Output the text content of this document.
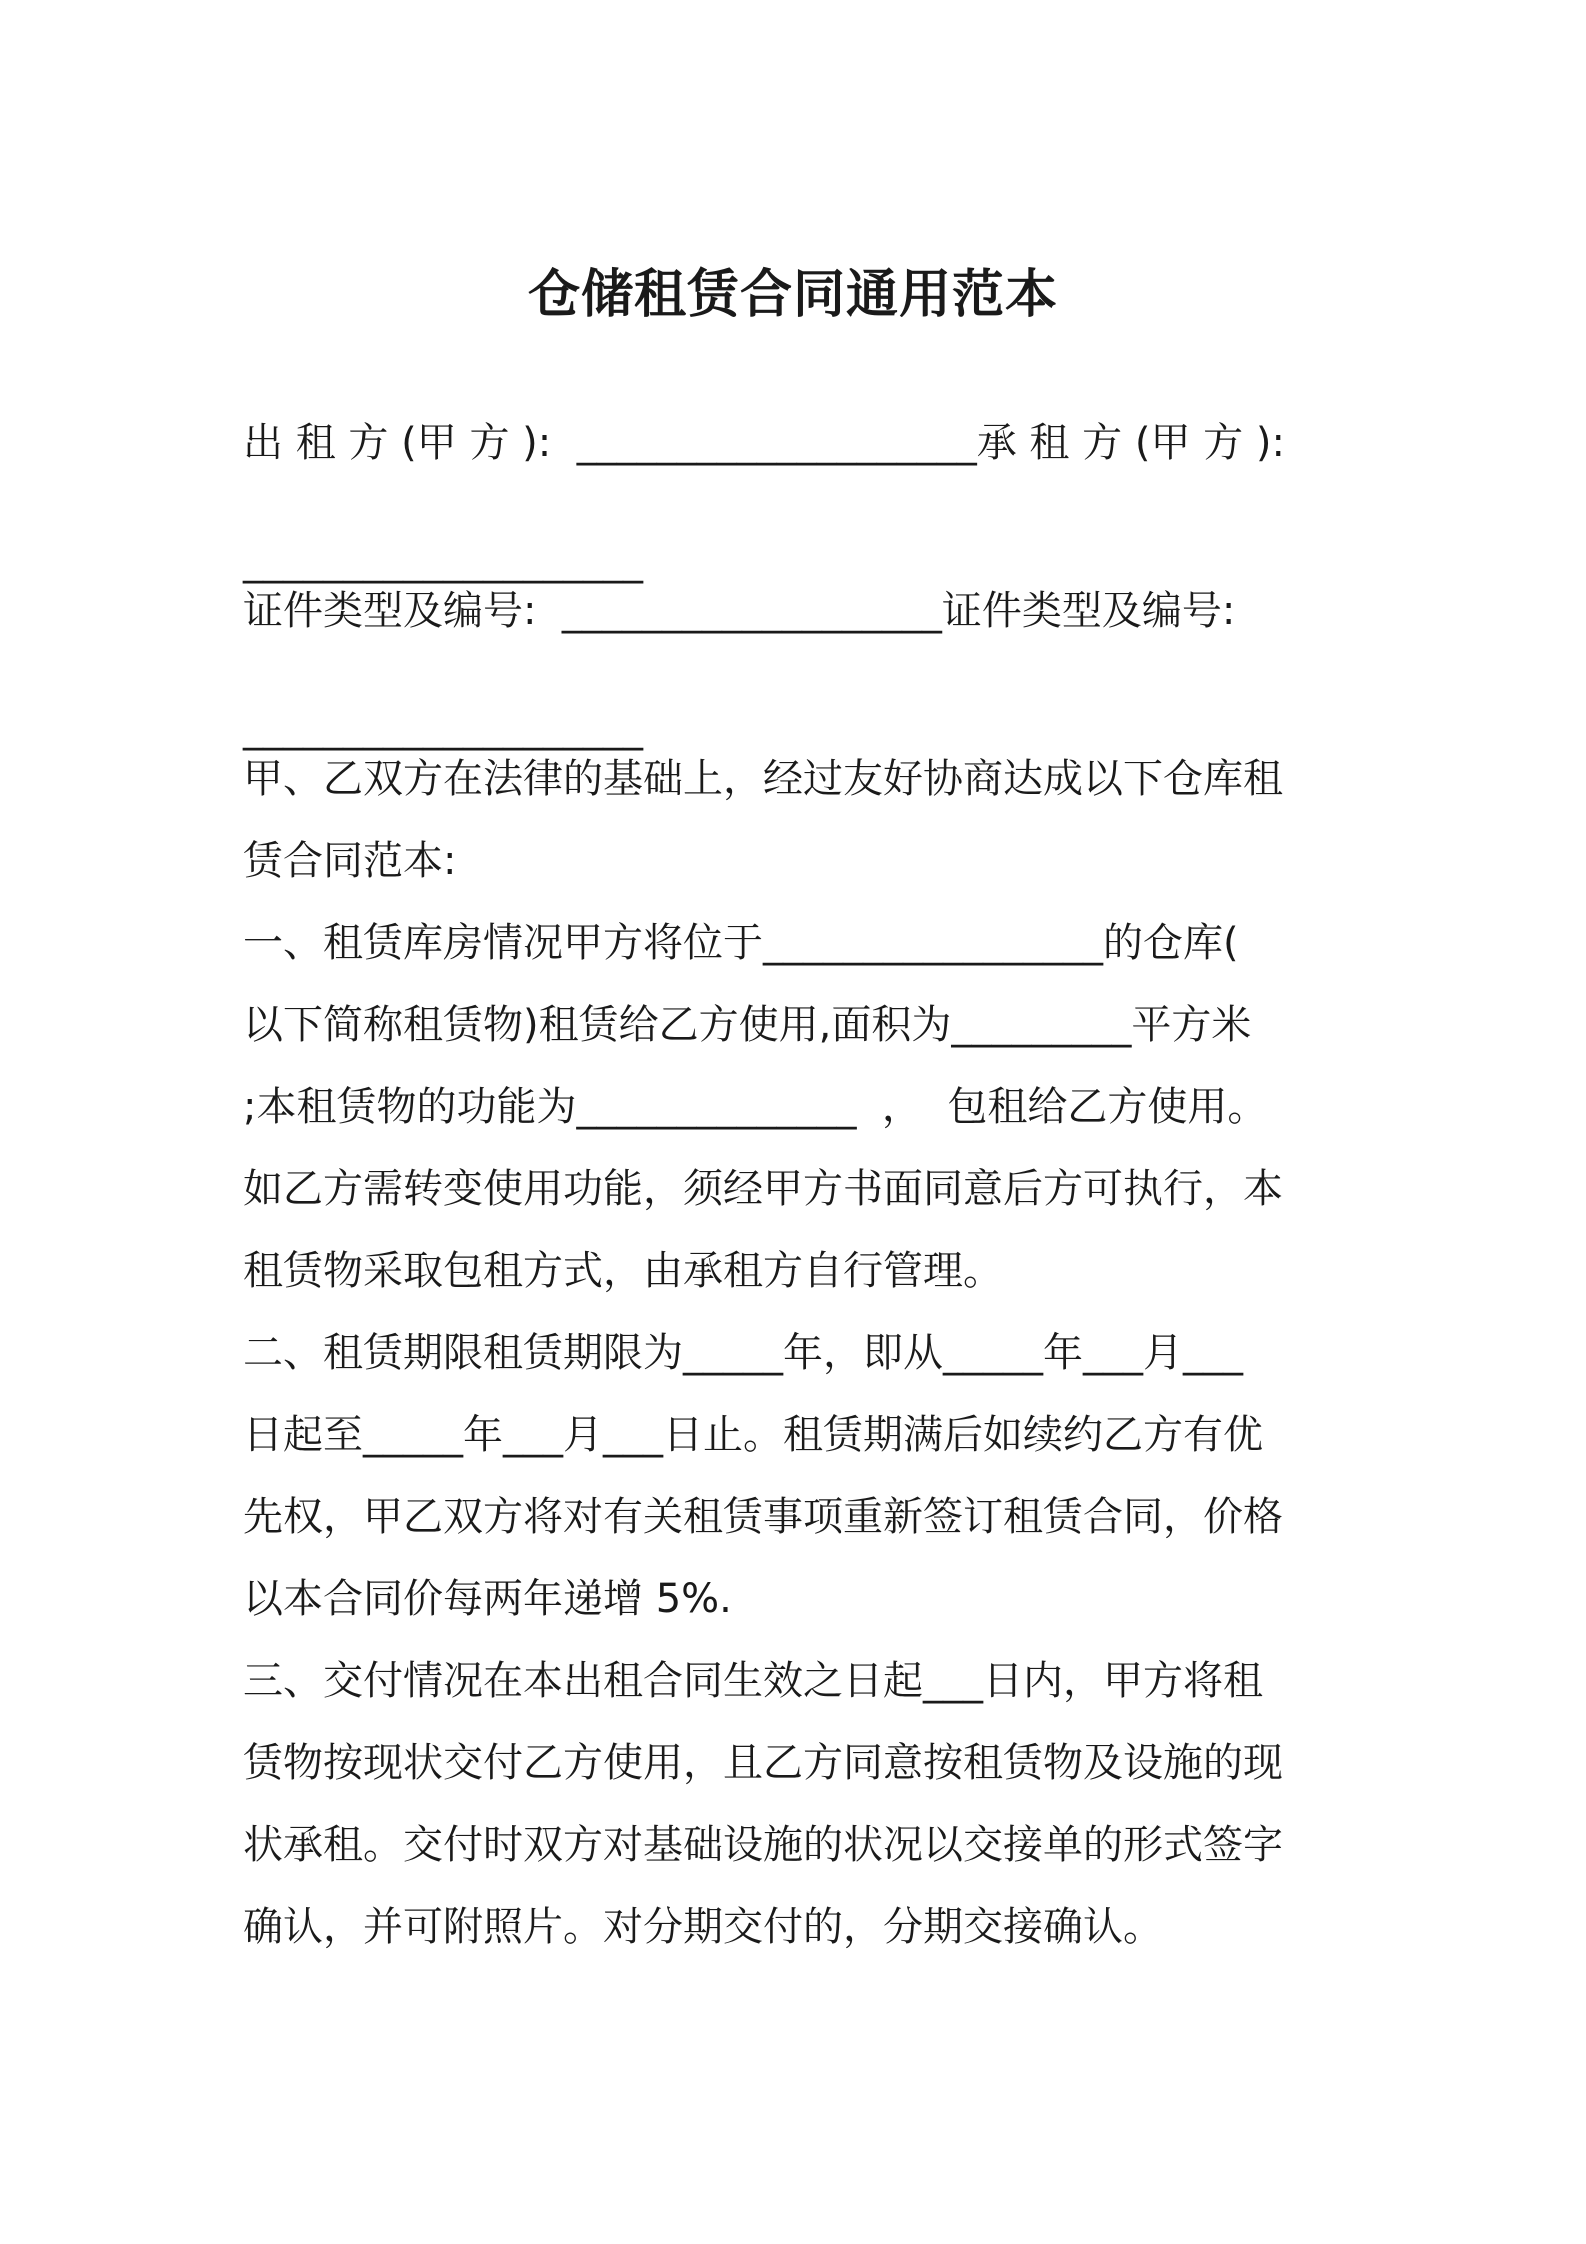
仓储租赁合同通用范本
出 租 方 (甲 方 ):  ____________________承 租 方 (甲 方 ):
____________________
证件类型及编号:  ___________________证件类型及编号:
____________________
甲、乙双方在法律的基础上，经过友好协商达成以下仓库租
赁合同范本:
一、租赁库房情况甲方将位于_________________的仓库(
以下简称租赁物)租赁给乙方使用,面积为_________平方米
;本租赁物的功能为______________  ，  包租给乙方使用。
如乙方需转变使用功能，须经甲方书面同意后方可执行，本
租赁物采取包租方式，由承租方自行管理。
二、租赁期限租赁期限为_____年，即从_____年___月___
日起至_____年___月___日止。租赁期满后如续约乙方有优
先权，甲乙双方将对有关租赁事项重新签订租赁合同，价格
以本合同价每两年递增 5%.
三、交付情况在本出租合同生效之日起___日内，甲方将租
赁物按现状交付乙方使用，且乙方同意按租赁物及设施的现
状承租。交付时双方对基础设施的状况以交接单的形式签字
确认，并可附照片。对分期交付的，分期交接确认。
